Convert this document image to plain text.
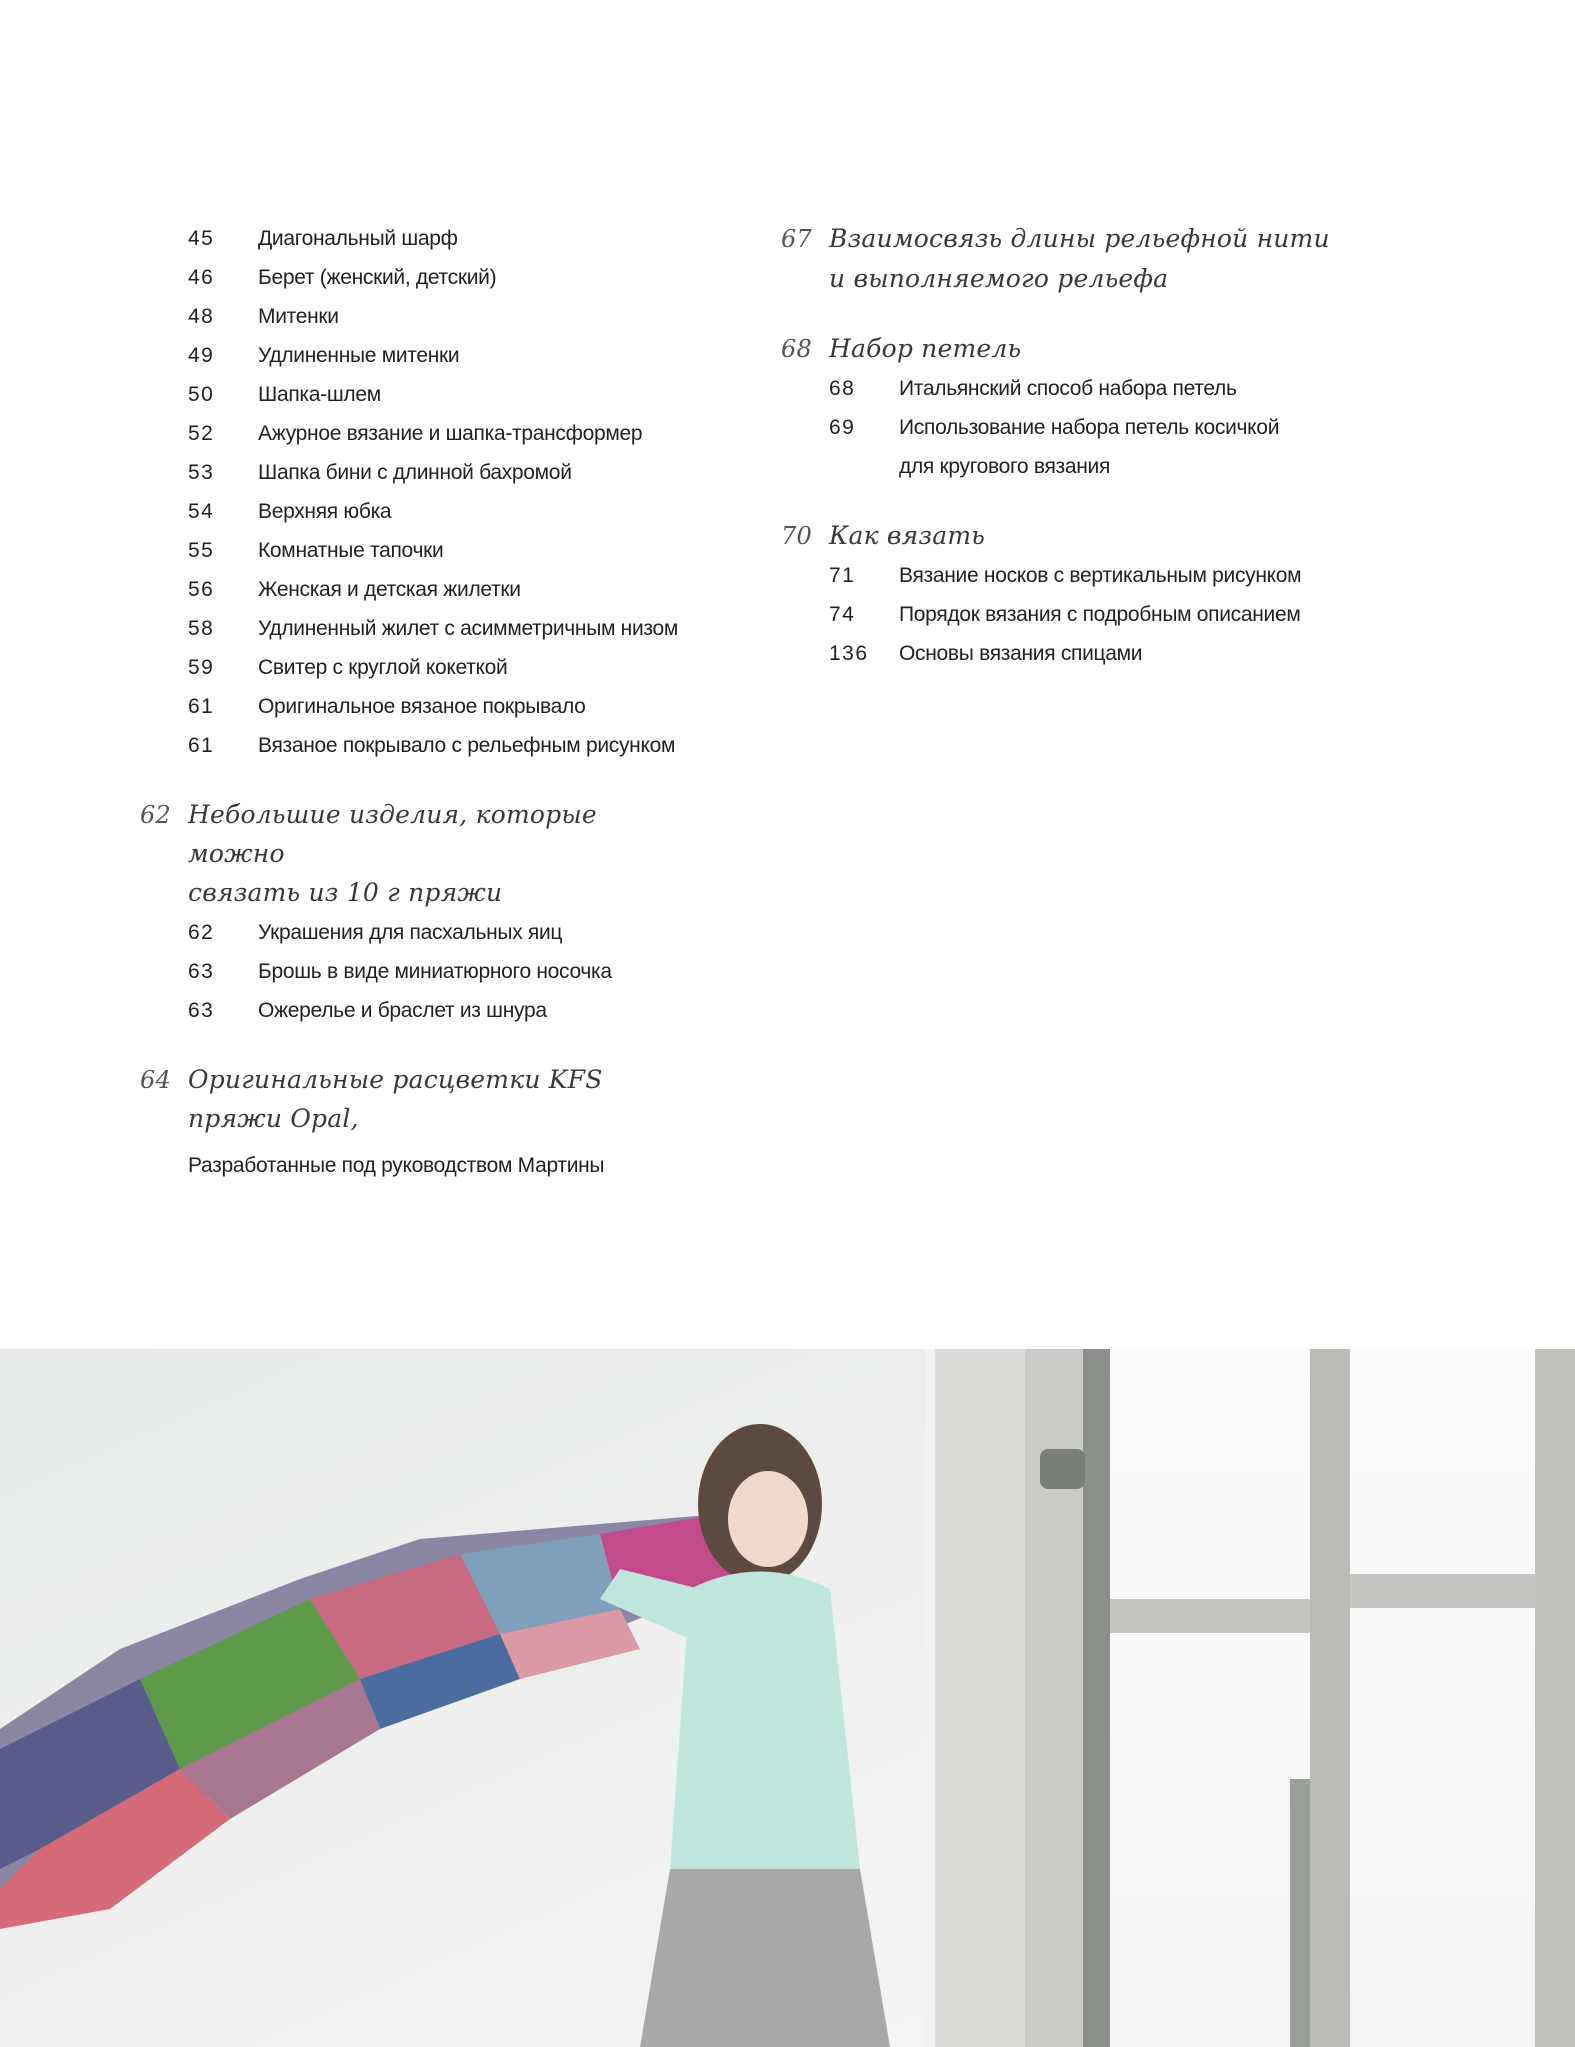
45	Диагональный шарф
46	Берет (женский, детский)
48	Митенки
49	Удлиненные митенки
50	Шапка-шлем
52	Ажурное вязание и шапка-трансформер
53	Шапка бини с длинной бахромой
54	Верхняя юбка
55	Комнатные тапочки
56	Женская и детская жилетки
58	Удлиненный жилет с асимметричным низом
59	Свитер с круглой кокеткой
61	Оригинальное вязаное покрывало
61	Вязаное покрывало с рельефным рисунком
62 Небольшие изделия, которые можно
связать из 10 г пряжи
62	Украшения для пасхальных яиц
63	Брошь в виде миниатюрного носочка
63	Ожерелье и браслет из шнура
64 Оригинальные расцветки KFS пряжи Opal,
Разработанные под руководством Мартины
67 Взаимосвязь длины рельефной нити
и выполняемого рельефа
68 Набор петель
68	Итальянский способ набора петель
69	Использование набора петель косичкой
для кругового вязания
70 Как вязать
71	Вязание носков с вертикальным рисунком
74	Порядок вязания с подробным описанием
136	Основы вязания спицами
